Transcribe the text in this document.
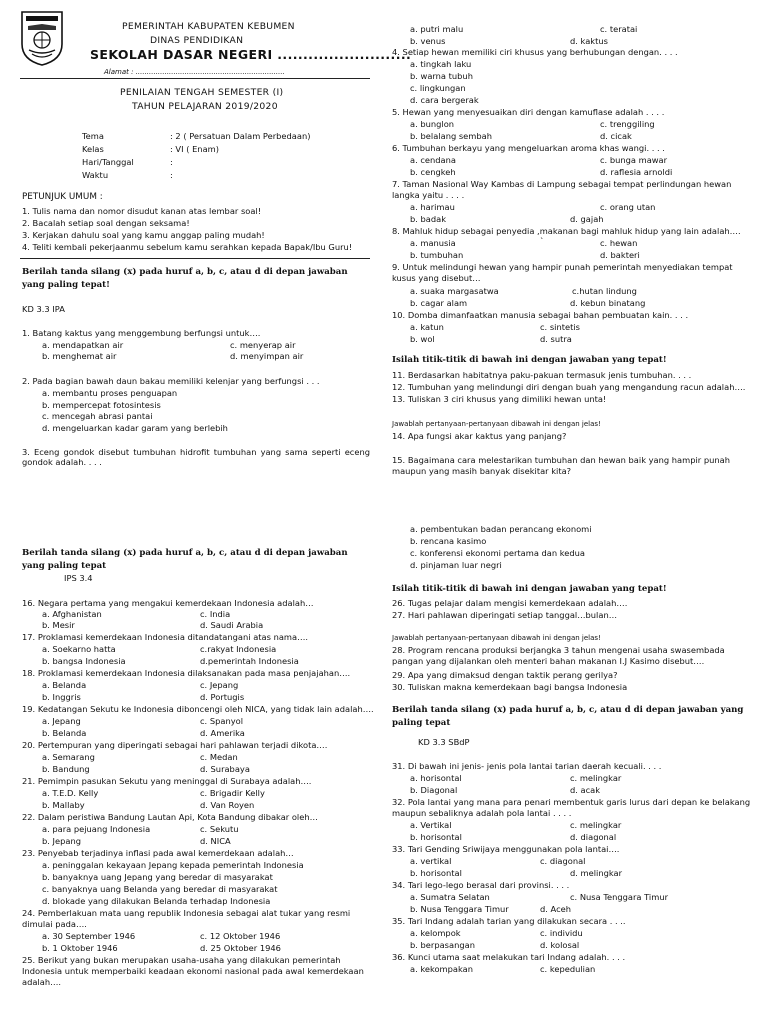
PEMERINTAH KABUPATEN KEBUMEN
DINAS PENDIDIKAN
SEKOLAH DASAR NEGERI ..........................
Alamat : ...................................................................
PENILAIAN TENGAH SEMESTER (I)
TAHUN PELAJARAN 2019/2020
Tema	: 2 ( Persatuan Dalam Perbedaan)
Kelas	: VI ( Enam)
Hari/Tanggal	:
Waktu	:
PETUNJUK UMUM :
1. Tulis nama dan nomor disudut kanan atas lembar soal!
2. Bacalah setiap soal dengan seksama!
3. Kerjakan dahulu soal yang kamu anggap paling mudah!
4. Teliti kembali pekerjaanmu sebelum kamu serahkan kepada Bapak/Ibu Guru!
Berilah tanda silang (x) pada huruf a, b, c, atau d di depan jawaban yang paling tepat!
KD 3.3 IPA
1. Batang kaktus yang menggembung berfungsi untuk….
a. mendapatkan air	c. menyerap air
b. menghemat air	d. menyimpan air
2. Pada bagian bawah daun bakau memiliki kelenjar yang berfungsi . . .
a. membantu proses penguapan
b. mempercepat fotosintesis
c. mencegah abrasi pantai
d. mengeluarkan kadar garam yang berlebih
3. Eceng gondok disebut tumbuhan hidrofit tumbuhan yang sama seperti eceng gondok adalah. . . .
a. putri malu	c. teratai
b. venus	d. kaktus
4. Setiap hewan memiliki ciri khusus yang berhubungan dengan. . . .
a. tingkah laku
b. warna tubuh
c. lingkungan
d. cara bergerak
5. Hewan yang menyesuaikan diri dengan kamuflase adalah . . . .
a. bunglon	c. trenggiling
b. belalang sembah	d. cicak
6. Tumbuhan berkayu yang mengeluarkan aroma khas wangi. . . .
a. cendana	c. bunga mawar
b. cengkeh	d. raflesia arnoldi
7. Taman Nasional Way Kambas di Lampung sebagai tempat perlindungan hewan langka yaitu . . . .
a. harimau	c. orang utan
b. badak	d. gajah
8. Mahluk hidup sebagai penyedia ,makanan bagi mahluk hidup yang lain adalah….
a. manusia	`	c. hewan
b. tumbuhan	d. bakteri
9. Untuk melindungi hewan yang hampir punah pemerintah menyediakan tempat kusus yang disebut…
a. suaka margasatwa	c.hutan lindung
b. cagar alam	d. kebun binatang
10. Domba dimanfaatkan manusia sebagai bahan pembuatan kain. . . .
a. katun	c. sintetis
b. wol	d. sutra
Isilah titik-titik di bawah ini dengan jawaban yang tepat!
11. Berdasarkan habitatnya paku-pakuan termasuk jenis tumbuhan. . . .
12. Tumbuhan yang melindungi diri dengan buah yang mengandung racun adalah….
13. Tuliskan 3 ciri khusus yang dimiliki hewan unta!
Jawablah pertanyaan-pertanyaan dibawah ini dengan jelas!
14. Apa fungsi akar kaktus yang panjang?
15. Bagaimana cara melestarikan tumbuhan dan hewan baik yang hampir punah maupun yang masih banyak disekitar kita?
Berilah tanda silang (x) pada huruf a, b, c, atau d di depan jawaban yang paling tepat
IPS 3.4
16. Negara pertama yang mengakui kemerdekaan Indonesia adalah…
a. Afghanistan	c. India
b. Mesir	d. Saudi Arabia
17. Proklamasi kemerdekaan Indonesia ditandatangani atas nama….
a. Soekarno hatta	c.rakyat Indonesia
b. bangsa Indonesia	d.pemerintah Indonesia
18. Proklamasi kemerdekaan Indonesia dilaksanakan pada masa penjajahan….
a. Belanda	c. Jepang
b. Inggris	d. Portugis
19. Kedatangan Sekutu ke Indonesia diboncengi oleh NICA, yang tidak lain adalah….
a. Jepang	c. Spanyol
b. Belanda	d. Amerika
20. Pertempuran yang diperingati sebagai hari pahlawan terjadi dikota….
a. Semarang	c. Medan
b. Bandung	d. Surabaya
21. Pemimpin pasukan Sekutu yang meninggal di Surabaya adalah….
a. T.E.D. Kelly	c. Brigadir Kelly
b. Mallaby	d. Van Royen
22. Dalam peristiwa Bandung Lautan Api, Kota Bandung dibakar oleh…
a. para pejuang Indonesia	c. Sekutu
b. Jepang	d. NICA
23. Penyebab terjadinya inflasi pada awal kemerdekaan adalah…
a. peninggalan kekayaan Jepang kepada pemerintah Indonesia
b. banyaknya uang Jepang yang beredar di masyarakat
c. banyaknya uang Belanda yang beredar di masyarakat
d. blokade yang dilakukan Belanda terhadap Indonesia
24. Pemberlakuan mata uang republik Indonesia sebagai alat tukar yang resmi dimulai pada….
a. 30 September 1946	c. 12 Oktober 1946
b. 1 Oktober 1946	d. 25 Oktober 1946
25. Berikut yang bukan merupakan usaha-usaha yang dilakukan pemerintah Indonesia untuk memperbaiki keadaan ekonomi nasional pada awal kemerdekaan adalah….
a. pembentukan badan perancang ekonomi
b. rencana kasimo
c. konferensi ekonomi pertama dan kedua
d. pinjaman luar negri
Isilah titik-titik di bawah ini dengan jawaban yang tepat!
26. Tugas pelajar dalam mengisi kemerdekaan adalah….
27. Hari pahlawan diperingati setiap tanggal…bulan…
Jawablah pertanyaan-pertanyaan dibawah ini dengan jelas!
28. Program rencana produksi berjangka 3 tahun mengenai usaha swasembada pangan yang dijalankan oleh menteri bahan makanan I.J Kasimo disebut….
29. Apa yang dimaksud dengan taktik perang gerilya?
30. Tuliskan makna kemerdekaan bagi bangsa Indonesia
Berilah tanda silang (x) pada huruf a, b, c, atau d di depan jawaban yang paling tepat
KD 3.3 SBdP
31. Di bawah ini jenis- jenis pola lantai tarian daerah kecuali. . . .
a. horisontal	c. melingkar
b. Diagonal	d. acak
32. Pola lantai yang mana para penari membentuk garis lurus dari depan ke belakang maupun sebaliknya adalah pola lantai . . . .
a. Vertikal	c. melingkar
b. horisontal	d. diagonal
33. Tari Gending Sriwijaya menggunakan pola lantai….
a. vertikal	c. diagonal
b. horisontal	d. melingkar
34. Tari lego-lego berasal dari provinsi. . . .
a. Sumatra Selatan	c. Nusa Tenggara Timur
b. Nusa Tenggara Timur	d. Aceh
35. Tari Indang adalah tarian yang dilakukan secara . . ..
a. kelompok	c. individu
b. berpasangan	d. kolosal
36. Kunci utama saat melakukan tari Indang adalah. . . .
a. kekompakan	c. kepedulian
